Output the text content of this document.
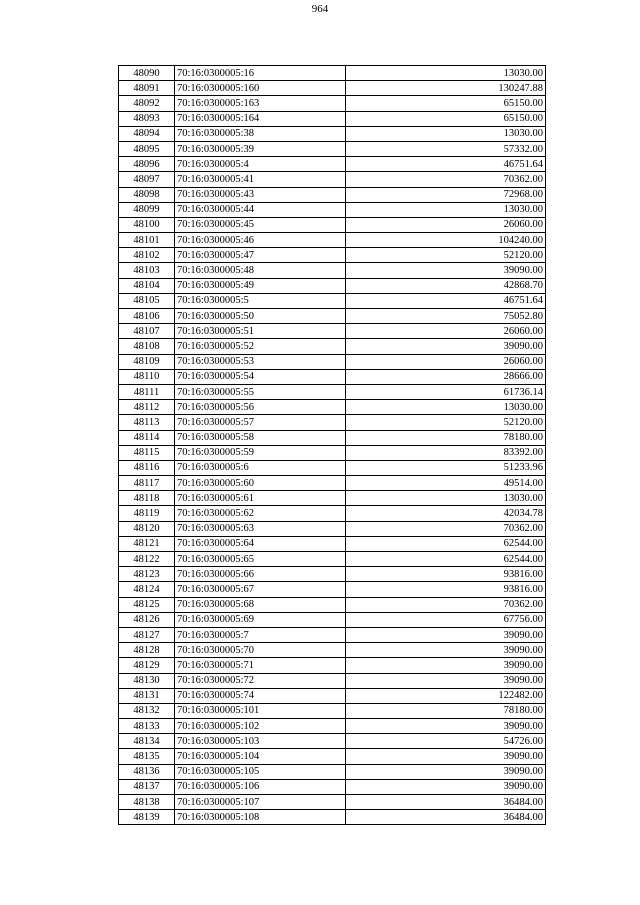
964
48090	70:16:0300005:16	13030.00
48091	70:16:0300005:160	130247.88
48092	70:16:0300005:163	65150.00
48093	70:16:0300005:164	65150.00
48094	70:16:0300005:38	13030.00
48095	70:16:0300005:39	57332.00
48096	70:16:0300005:4	46751.64
48097	70:16:0300005:41	70362.00
48098	70:16:0300005:43	72968.00
48099	70:16:0300005:44	13030.00
48100	70:16:0300005:45	26060.00
48101	70:16:0300005:46	104240.00
48102	70:16:0300005:47	52120.00
48103	70:16:0300005:48	39090.00
48104	70:16:0300005:49	42868.70
48105	70:16:0300005:5	46751.64
48106	70:16:0300005:50	75052.80
48107	70:16:0300005:51	26060.00
48108	70:16:0300005:52	39090.00
48109	70:16:0300005:53	26060.00
48110	70:16:0300005:54	28666.00
48111	70:16:0300005:55	61736.14
48112	70:16:0300005:56	13030.00
48113	70:16:0300005:57	52120.00
48114	70:16:0300005:58	78180.00
48115	70:16:0300005:59	83392.00
48116	70:16:0300005:6	51233.96
48117	70:16:0300005:60	49514.00
48118	70:16:0300005:61	13030.00
48119	70:16:0300005:62	42034.78
48120	70:16:0300005:63	70362.00
48121	70:16:0300005:64	62544.00
48122	70:16:0300005:65	62544.00
48123	70:16:0300005:66	93816.00
48124	70:16:0300005:67	93816.00
48125	70:16:0300005:68	70362.00
48126	70:16:0300005:69	67756.00
48127	70:16:0300005:7	39090.00
48128	70:16:0300005:70	39090.00
48129	70:16:0300005:71	39090.00
48130	70:16:0300005:72	39090.00
48131	70:16:0300005:74	122482.00
48132	70:16:0300005:101	78180.00
48133	70:16:0300005:102	39090.00
48134	70:16:0300005:103	54726.00
48135	70:16:0300005:104	39090.00
48136	70:16:0300005:105	39090.00
48137	70:16:0300005:106	39090.00
48138	70:16:0300005:107	36484.00
48139	70:16:0300005:108	36484.00
